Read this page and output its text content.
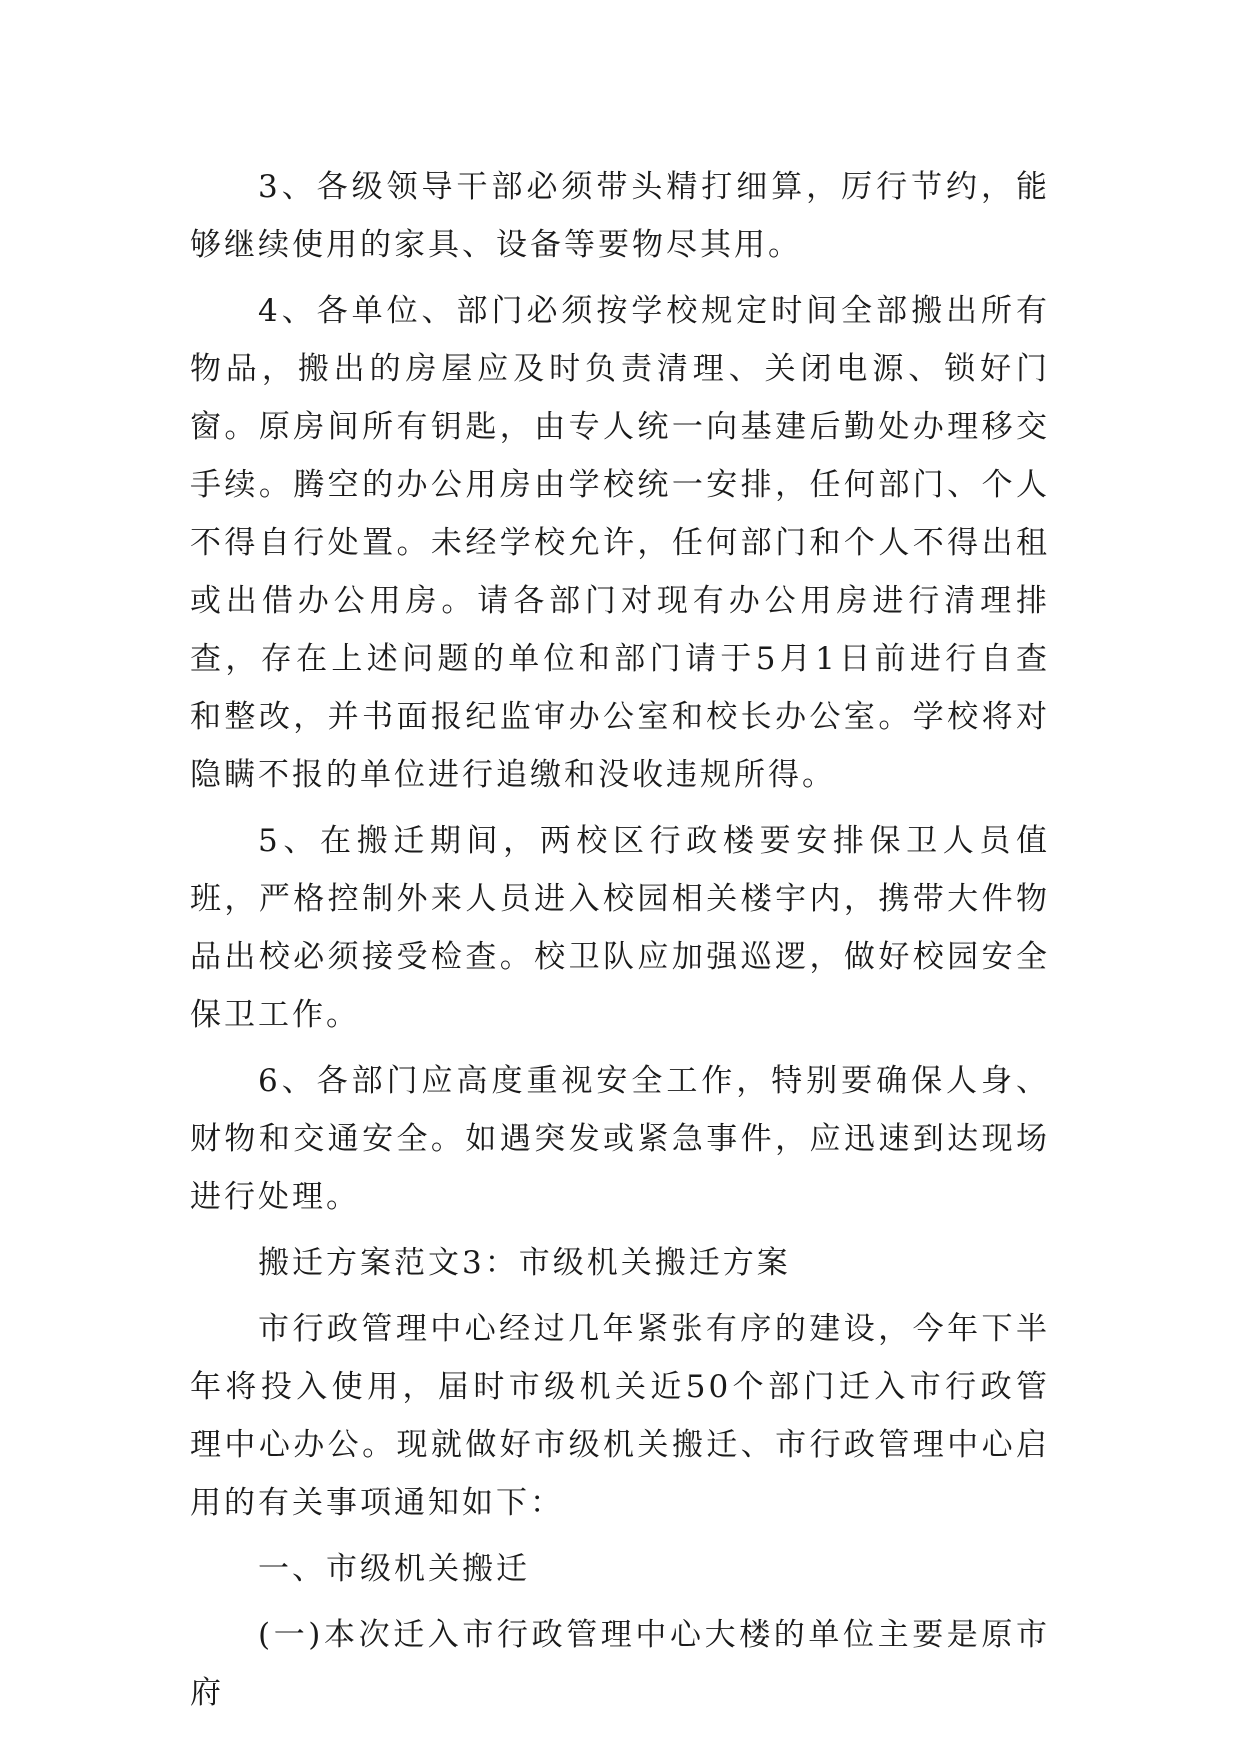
3、各级领导干部必须带头精打细算，厉行节约，能够继续使用的家具、设备等要物尽其用。

4、各单位、部门必须按学校规定时间全部搬出所有物品，搬出的房屋应及时负责清理、关闭电源、锁好门窗。原房间所有钥匙，由专人统一向基建后勤处办理移交手续。腾空的办公用房由学校统一安排，任何部门、个人不得自行处置。未经学校允许，任何部门和个人不得出租或出借办公用房。请各部门对现有办公用房进行清理排查，存在上述问题的单位和部门请于5月1日前进行自查和整改，并书面报纪监审办公室和校长办公室。学校将对隐瞒不报的单位进行追缴和没收违规所得。

5、在搬迁期间，两校区行政楼要安排保卫人员值班，严格控制外来人员进入校园相关楼宇内，携带大件物品出校必须接受检查。校卫队应加强巡逻，做好校园安全保卫工作。

6、各部门应高度重视安全工作，特别要确保人身、财物和交通安全。如遇突发或紧急事件，应迅速到达现场进行处理。

搬迁方案范文3：市级机关搬迁方案

市行政管理中心经过几年紧张有序的建设，今年下半年将投入使用，届时市级机关近50个部门迁入市行政管理中心办公。现就做好市级机关搬迁、市行政管理中心启用的有关事项通知如下：

一、市级机关搬迁

(一)本次迁入市行政管理中心大楼的单位主要是原市府
